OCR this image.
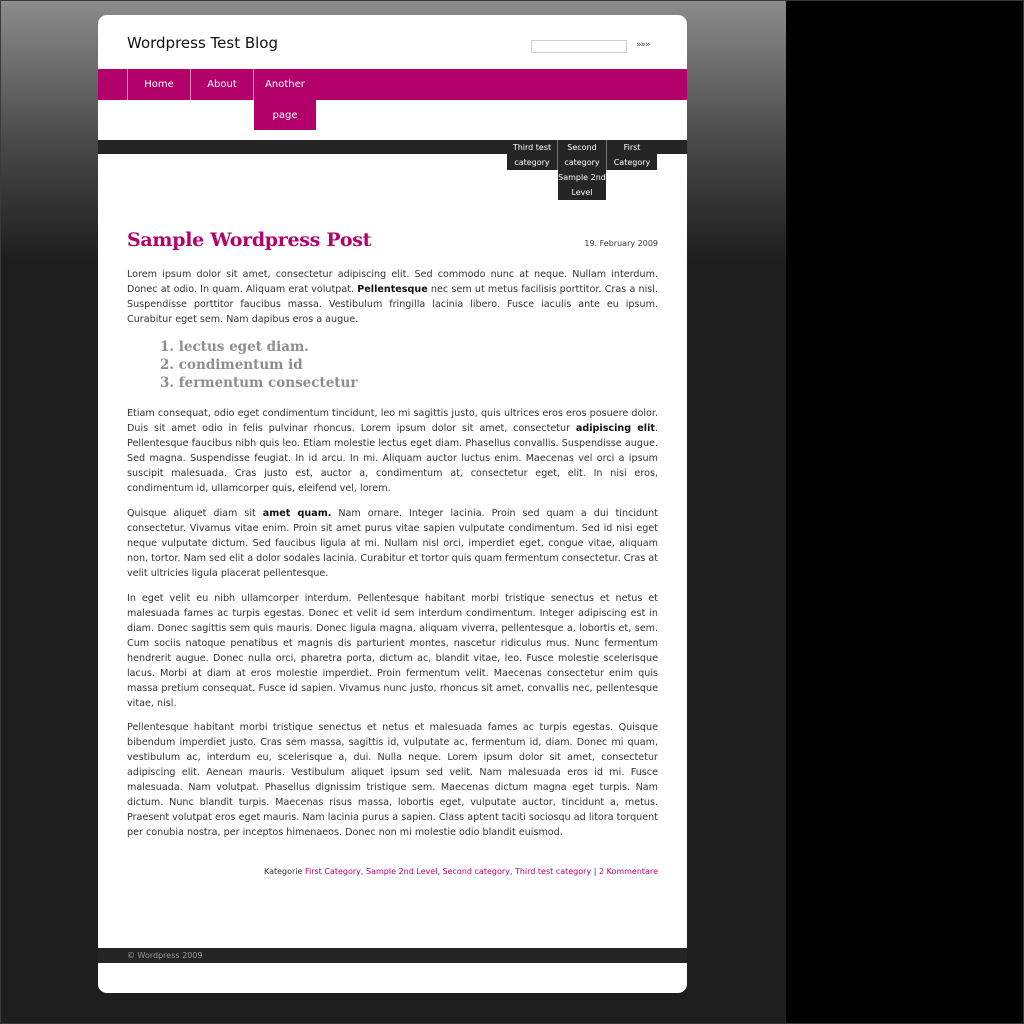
Wordpress Test Blog	»»»
Home	About	Another
page
Third test
category
Second
category
Sample 2nd
Level
First
Category
Sample Wordpress Post	19. February 2009

Lorem ipsum dolor sit amet, consectetur adipiscing elit. Sed commodo nunc at neque. Nullam interdum. Donec at odio. In quam. Aliquam erat volutpat. Pellentesque nec sem ut metus facilisis porttitor. Cras a nisl. Suspendisse porttitor faucibus massa. Vestibulum fringilla lacinia libero. Fusce iaculis ante eu ipsum. Curabitur eget sem. Nam dapibus eros a augue.

1. lectus eget diam.
2. condimentum id
3. fermentum consectetur

Etiam consequat, odio eget condimentum tincidunt, leo mi sagittis justo, quis ultrices eros eros posuere dolor. Duis sit amet odio in felis pulvinar rhoncus. Lorem ipsum dolor sit amet, consectetur adipiscing elit. Pellentesque faucibus nibh quis leo. Etiam molestie lectus eget diam. Phasellus convallis. Suspendisse augue. Sed magna. Suspendisse feugiat. In id arcu. In mi. Aliquam auctor luctus enim. Maecenas vel orci a ipsum suscipit malesuada. Cras justo est, auctor a, condimentum at, consectetur eget, elit. In nisi eros, condimentum id, ullamcorper quis, eleifend vel, lorem.

Quisque aliquet diam sit amet quam. Nam ornare. Integer lacinia. Proin sed quam a dui tincidunt consectetur. Vivamus vitae enim. Proin sit amet purus vitae sapien vulputate condimentum. Sed id nisi eget neque vulputate dictum. Sed faucibus ligula at mi. Nullam nisl orci, imperdiet eget, congue vitae, aliquam non, tortor. Nam sed elit a dolor sodales lacinia. Curabitur et tortor quis quam fermentum consectetur. Cras at velit ultricies ligula placerat pellentesque.

In eget velit eu nibh ullamcorper interdum. Pellentesque habitant morbi tristique senectus et netus et malesuada fames ac turpis egestas. Donec et velit id sem interdum condimentum. Integer adipiscing est in diam. Donec sagittis sem quis mauris. Donec ligula magna, aliquam viverra, pellentesque a, lobortis et, sem. Cum sociis natoque penatibus et magnis dis parturient montes, nascetur ridiculus mus. Nunc fermentum hendrerit augue. Donec nulla orci, pharetra porta, dictum ac, blandit vitae, leo. Fusce molestie scelerisque lacus. Morbi at diam at eros molestie imperdiet. Proin fermentum velit. Maecenas consectetur enim quis massa pretium consequat. Fusce id sapien. Vivamus nunc justo, rhoncus sit amet, convallis nec, pellentesque vitae, nisl.

Pellentesque habitant morbi tristique senectus et netus et malesuada fames ac turpis egestas. Quisque bibendum imperdiet justo. Cras sem massa, sagittis id, vulputate ac, fermentum id, diam. Donec mi quam, vestibulum ac, interdum eu, scelerisque a, dui. Nulla neque. Lorem ipsum dolor sit amet, consectetur adipiscing elit. Aenean mauris. Vestibulum aliquet ipsum sed velit. Nam malesuada eros id mi. Fusce malesuada. Nam volutpat. Phasellus dignissim tristique sem. Maecenas dictum magna eget turpis. Nam dictum. Nunc blandit turpis. Maecenas risus massa, lobortis eget, vulputate auctor, tincidunt a, metus. Praesent volutpat eros eget mauris. Nam lacinia purus a sapien. Class aptent taciti sociosqu ad litora torquent per conubia nostra, per inceptos himenaeos. Donec non mi molestie odio blandit euismod.

Kategorie First Category, Sample 2nd Level, Second category, Third test category | 2 Kommentare
© Wordpress 2009
